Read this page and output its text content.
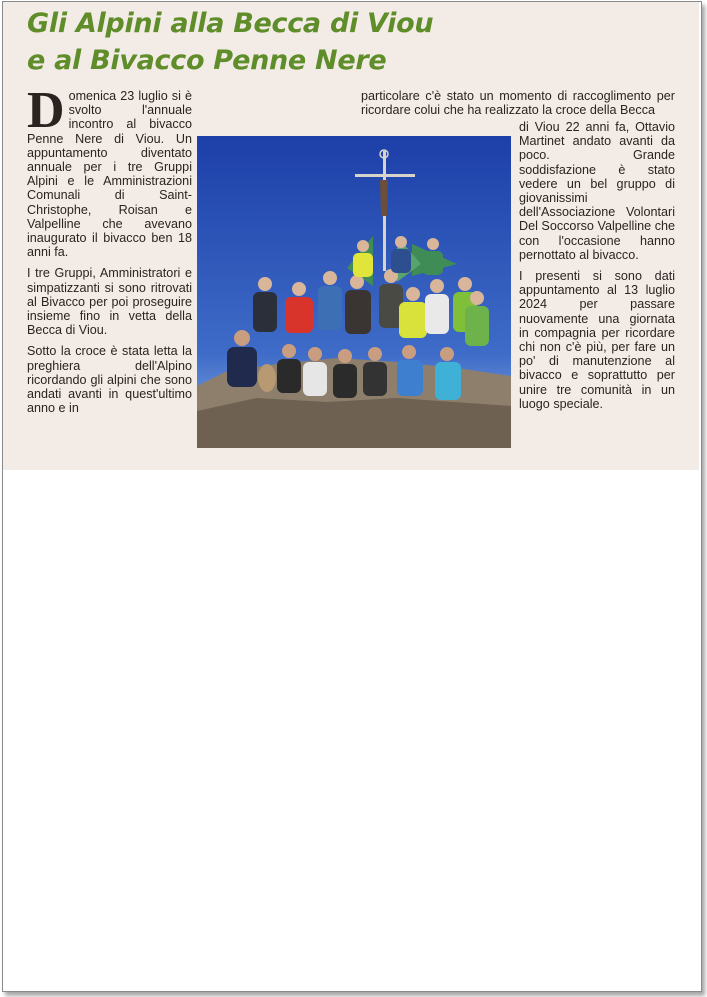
Gli Alpini alla Becca di Viou
e al Bivacco Penne Nere

D omenica 23 luglio si è svolto l'annuale incontro al bivacco Penne Nere di Viou. Un appuntamento diventato annuale per i tre Gruppi Alpini e le Amministrazioni Comunali di Saint-Christophe, Roisan e Valpelline che avevano inaugurato il bivacco ben 18 anni fa.

I tre Gruppi, Amministratori e simpatizzanti si sono ritrovati al Bivacco per poi proseguire insieme fino in vetta della Becca di Viou.

Sotto la croce è stata letta la preghiera dell'Alpino ricordando gli alpini che sono andati avanti in quest'ultimo anno e in

particolare c'è stato un momento di raccoglimento per ricordare colui che ha realizzato la croce della Becca

di Viou 22 anni fa, Ottavio Martinet andato avanti da poco. Grande soddisfazione è stato vedere un bel gruppo di giovanissimi dell'Associazione Volontari Del Soccorso Valpelline che con l'occasione hanno pernottato al bivacco.

I presenti si sono dati appuntamento al 13 luglio 2024 per passare nuovamente una giornata in compagnia per ricordare chi non c'è più, per fare un po' di manutenzione al bivacco e soprattutto per unire tre comunità in un luogo speciale.
